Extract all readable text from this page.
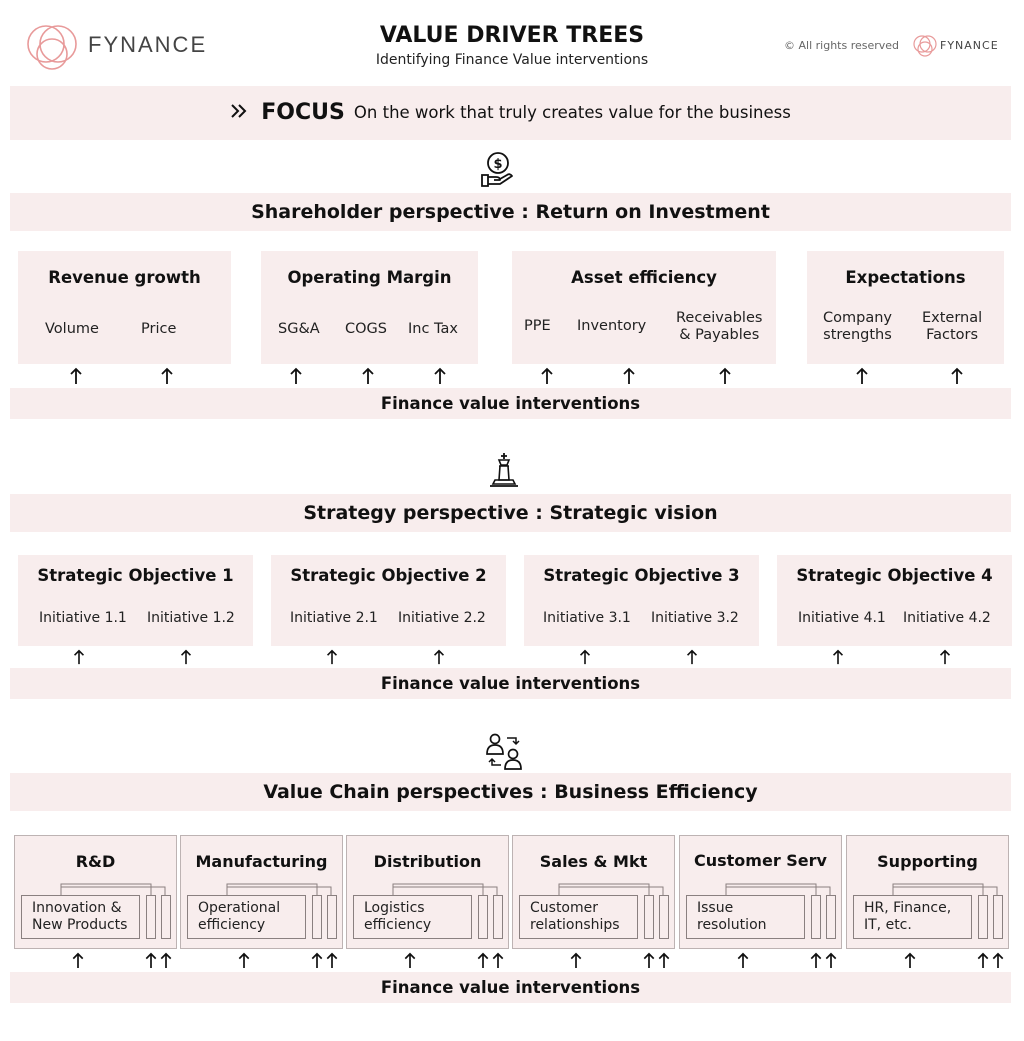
FYNANCE	VALUE DRIVER TREES
Identifying Finance Value interventions
© All rights reserved	FYNANCE
FOCUS On the work that truly creates value for the business
$
Shareholder perspective : Return on Investment
Revenue growth
Volume	Price
Operating Margin
SG&A COGS Inc Tax
Asset efficiency
PPE Inventory Receivables
& Payables
Expectations
Company
strengths
External
Factors
Finance value interventions
Strategy perspective : Strategic vision
Strategic Objective 1
Initiative 1.1 Initiative 1.2
Strategic Objective 2
Initiative 2.1 Initiative 2.2
Strategic Objective 3
Initiative 3.1 Initiative 3.2
Strategic Objective 4
Initiative 4.1 Initiative 4.2
Finance value interventions
Value Chain perspectives : Business Efficiency
R&D
Innovation &
New Products
Manufacturing
Operational
efficiency
Distribution
Logistics
efficiency
Sales & Mkt
Customer
relationships
Customer Serv
Issue
resolution
Supporting
HR, Finance,
IT, etc.
Finance value interventions
